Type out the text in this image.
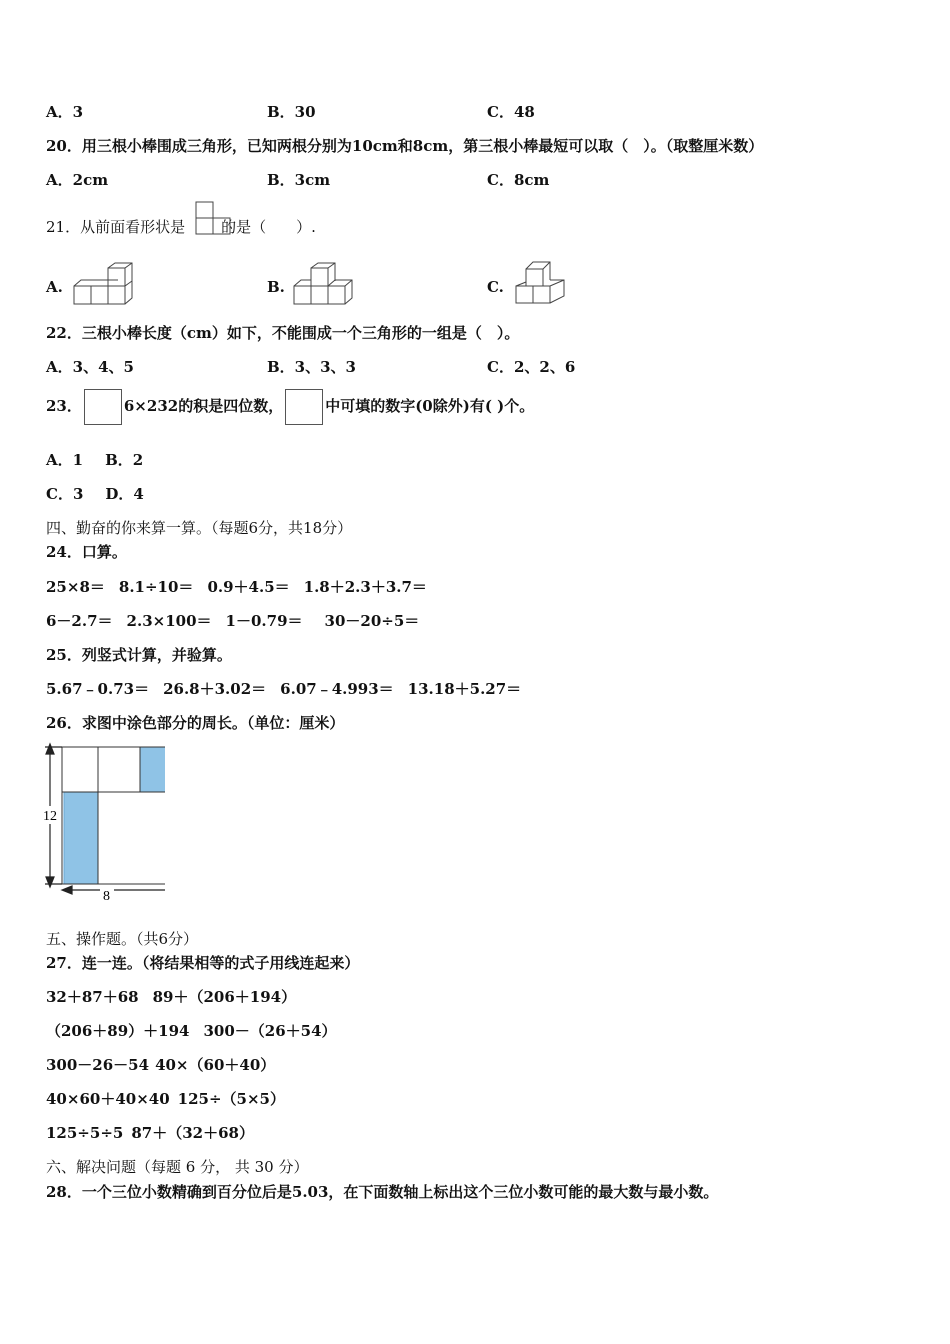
A．3	B．30	C．48
20．用三根小棒围成三角形，已知两根分别为10cm和8cm，第三根小棒最短可以取（　）。（取整厘米数）
A．2cm	B．3cm	C．8cm
21．从前面看形状是 的是（　　）.
A.	B.	C.
22．三根小棒长度（cm）如下，不能围成一个三角形的一组是（　）。
A．3、4、5	B．3、3、3	C．2、2、6
23．	6×232的积是四位数，	中可填的数字(0除外)有( )个。
A．1 B．2
C．3 D．4
四、勤奋的你来算一算。（每题6分，共18分）
24．口算。
25×8＝ 8.1÷10＝ 0.9＋4.5＝ 1.8＋2.3＋3.7＝
6－2.7＝ 2.3×100＝ 1－0.79＝ 30－20÷5＝
25．列竖式计算，并验算。
5.67﹣0.73＝ 26.8＋3.02＝ 6.07﹣4.993＝ 13.18＋5.27＝
26．求图中涂色部分的周长。（单位：厘米）
12
8
五、操作题。（共6分）
27．连一连。（将结果相等的式子用线连起来）
32＋87＋68 89＋（206＋194）
（206＋89）＋194 300－（26＋54）
300－26－54 40×（60＋40）
40×60＋40×40 125÷（5×5）
125÷5÷5 87＋（32＋68）
六、解决问题（每题 6 分， 共 30 分）
28．一个三位小数精确到百分位后是5.03，在下面数轴上标出这个三位小数可能的最大数与最小数。
